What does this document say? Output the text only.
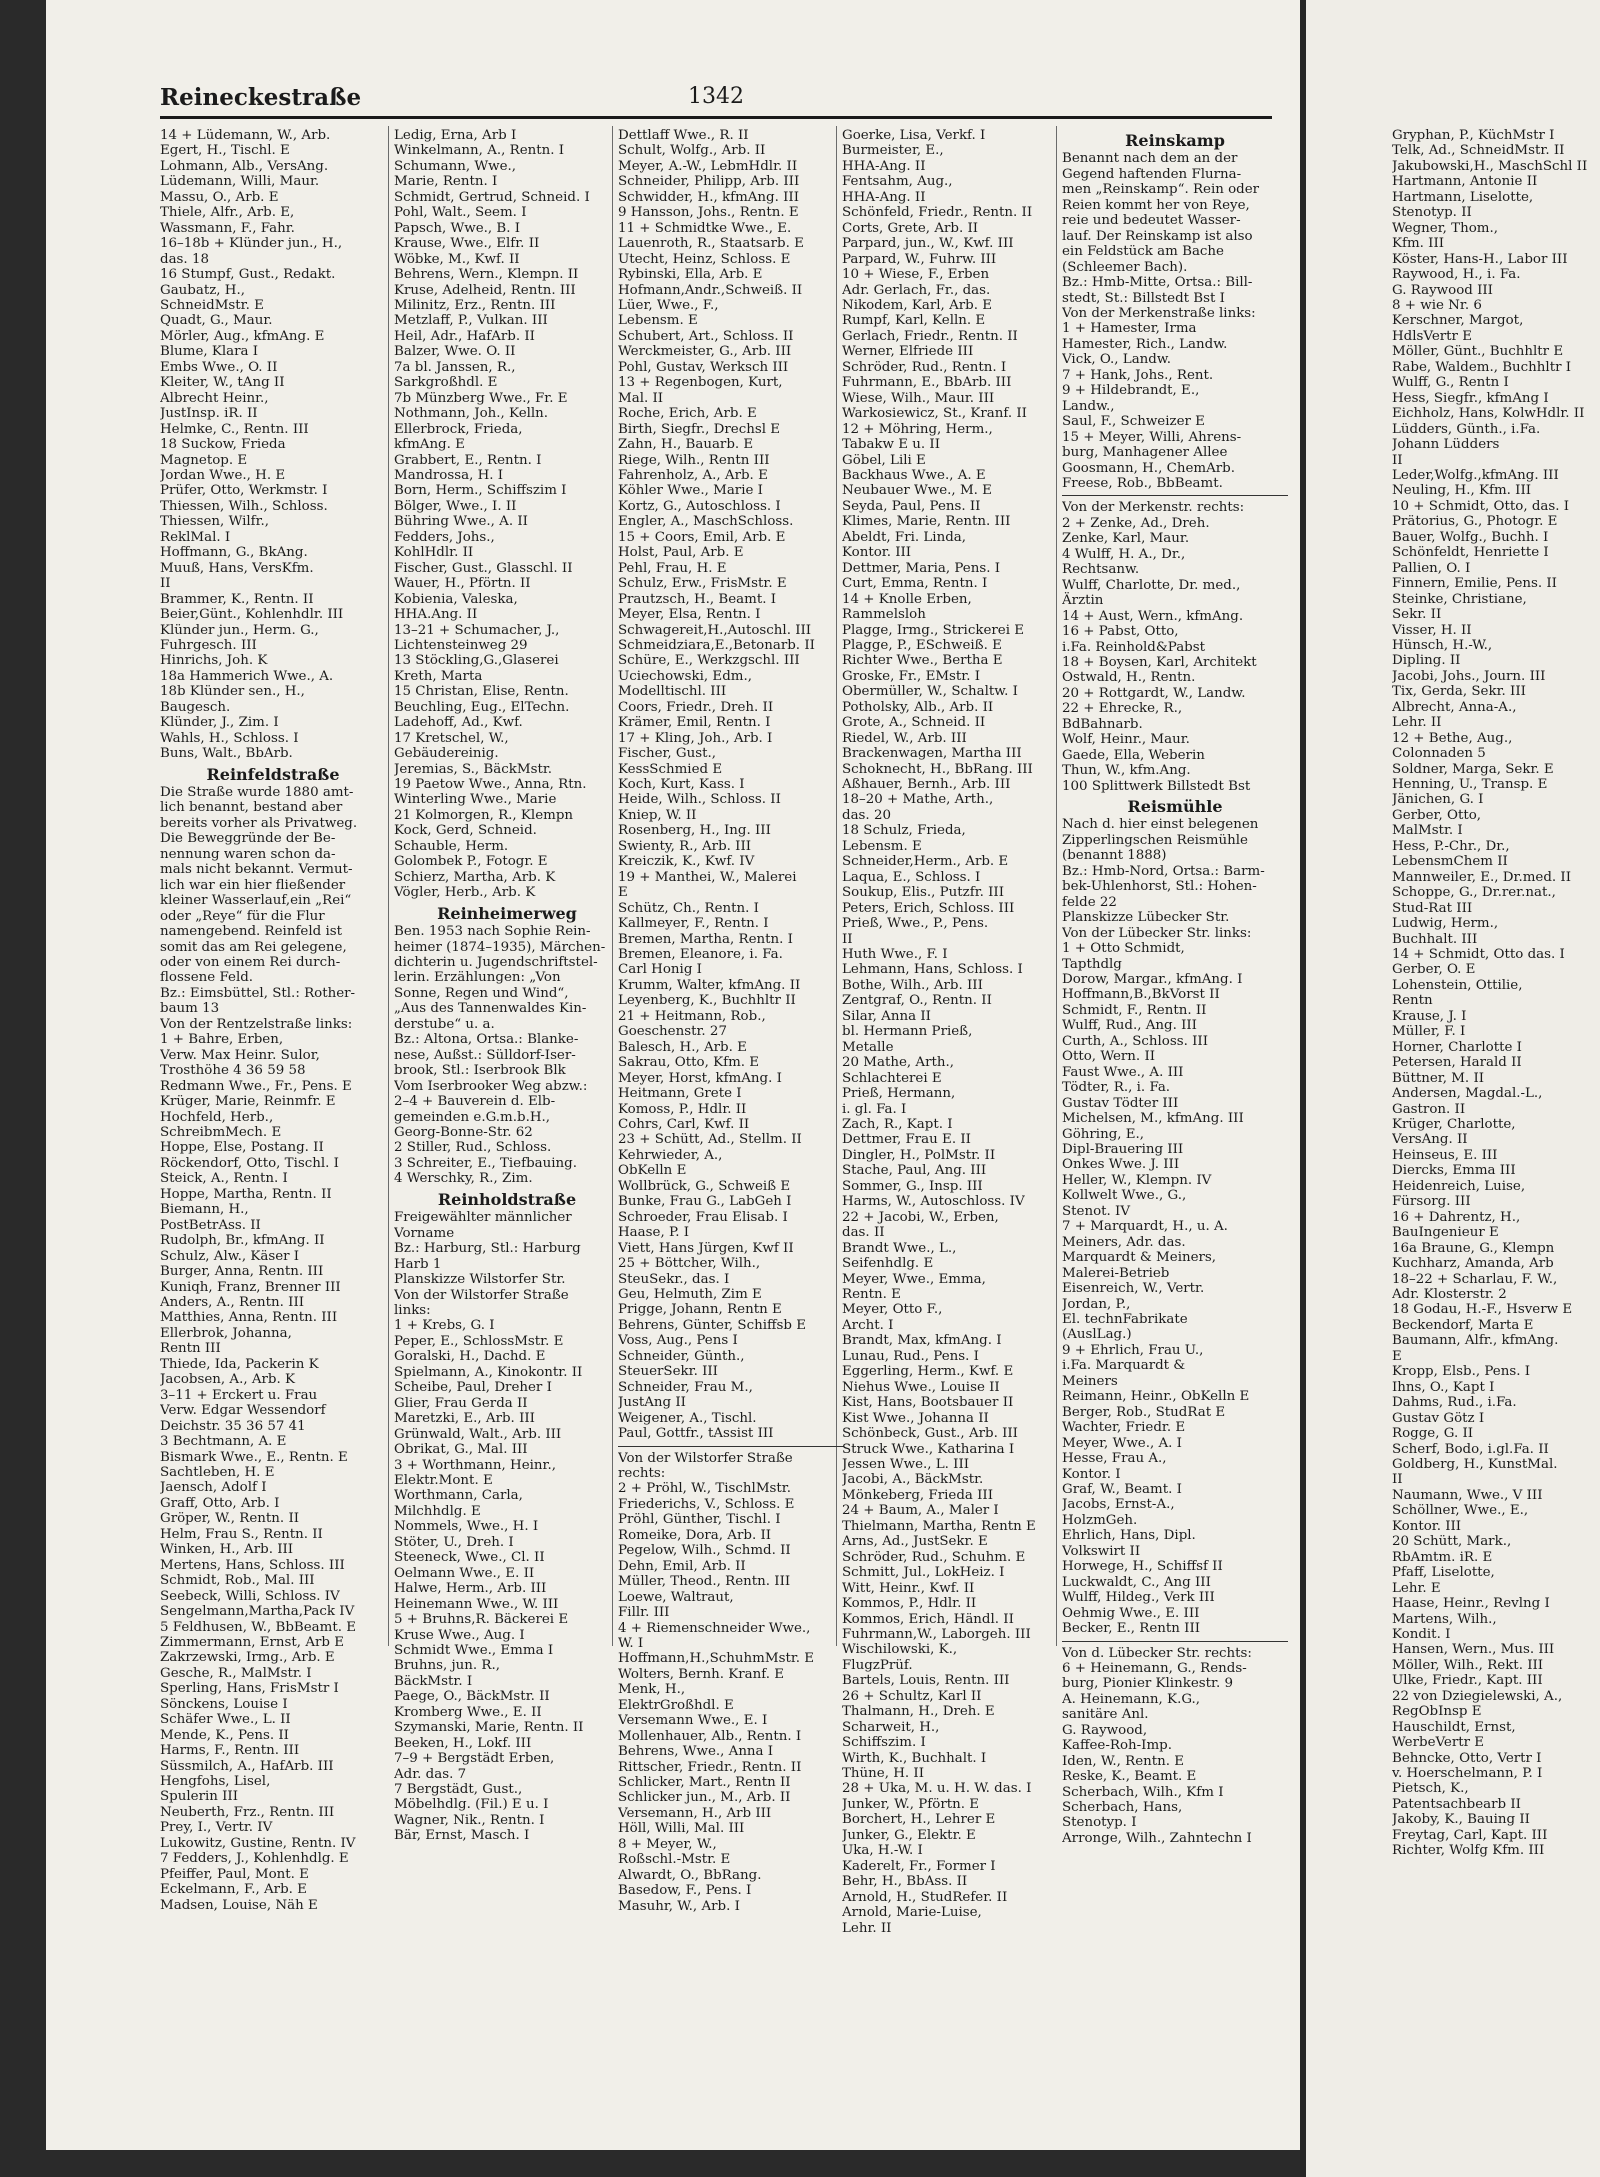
Reineckestraße	1342

14 + Lüdemann, W., Arb.

Egert, H., Tischl. E

Lohmann, Alb., VersAng.

Lüdemann, Willi, Maur.

Massu, O., Arb. E

Thiele, Alfr., Arb. E,

Wassmann, F., Fahr.

16–18b + Klünder jun., H.,

das. 18

16 Stumpf, Gust., Redakt.

Gaubatz, H.,

SchneidMstr. E

Quadt, G., Maur.

Mörler, Aug., kfmAng. E

Blume, Klara I

Embs Wwe., O. II

Kleiter, W., tAng II

Albrecht Heinr.,

JustInsp. iR. II

Helmke, C., Rentn. III

18 Suckow, Frieda

Magnetop. E

Jordan Wwe., H. E

Prüfer, Otto, Werkmstr. I

Thiessen, Wilh., Schloss.

Thiessen, Wilfr.,

ReklMal. I

Hoffmann, G., BkAng.

Muuß, Hans, VersKfm.

II

Brammer, K., Rentn. II

Beier,Günt., Kohlenhdlr. III

Klünder jun., Herm. G.,

Fuhrgesch. III

Hinrichs, Joh. K

18a Hammerich Wwe., A.

18b Klünder sen., H.,

Baugesch.

Klünder, J., Zim. I

Wahls, H., Schloss. I

Buns, Walt., BbArb.

Reinfeldstraße

Die Straße wurde 1880 amt-

lich benannt, bestand aber

bereits vorher als Privatweg.

Die Beweggründe der Be-

nennung waren schon da-

mals nicht bekannt. Vermut-

lich war ein hier fließender

kleiner Wasserlauf,ein „Rei“

oder „Reye“ für die Flur

namengebend. Reinfeld ist

somit das am Rei gelegene,

oder von einem Rei durch-

flossene Feld.

Bz.: Eimsbüttel, Stl.: Rother-

baum 13

Von der Rentzelstraße links:

1 + Bahre, Erben,

Verw. Max Heinr. Sulor,

Trosthöhe 4 36 59 58

Redmann Wwe., Fr., Pens. E

Krüger, Marie, Reinmfr. E

Hochfeld, Herb.,

SchreibmMech. E

Hoppe, Else, Postang. II

Röckendorf, Otto, Tischl. I

Steick, A., Rentn. I

Hoppe, Martha, Rentn. II

Biemann, H.,

PostBetrAss. II

Rudolph, Br., kfmAng. II

Schulz, Alw., Käser I

Burger, Anna, Rentn. III

Kuniqh, Franz, Brenner III

Anders, A., Rentn. III

Matthies, Anna, Rentn. III

Ellerbrok, Johanna,

Rentn III

Thiede, Ida, Packerin K

Jacobsen, A., Arb. K

3–11 + Erckert u. Frau

Verw. Edgar Wessendorf

Deichstr. 35 36 57 41

3 Bechtmann, A. E

Bismark Wwe., E., Rentn. E

Sachtleben, H. E

Jaensch, Adolf I

Graff, Otto, Arb. I

Gröper, W., Rentn. II

Helm, Frau S., Rentn. II

Winken, H., Arb. III

Mertens, Hans, Schloss. III

Schmidt, Rob., Mal. III

Seebeck, Willi, Schloss. IV

Sengelmann,Martha,Pack IV

5 Feldhusen, W., BbBeamt. E

Zimmermann, Ernst, Arb E

Zakrzewski, Irmg., Arb. E

Gesche, R., MalMstr. I

Sperling, Hans, FrisMstr I

Sönckens, Louise I

Schäfer Wwe., L. II

Mende, K., Pens. II

Harms, F., Rentn. III

Süssmilch, A., HafArb. III

Hengfohs, Lisel,

Spulerin III

Neuberth, Frz., Rentn. III

Prey, I., Vertr. IV

Lukowitz, Gustine, Rentn. IV

7 Fedders, J., Kohlenhdlg. E

Pfeiffer, Paul, Mont. E

Eckelmann, F., Arb. E

Madsen, Louise, Näh E

Ledig, Erna, Arb I

Winkelmann, A., Rentn. I

Schumann, Wwe.,

Marie, Rentn. I

Schmidt, Gertrud, Schneid. I

Pohl, Walt., Seem. I

Papsch, Wwe., B. I

Krause, Wwe., Elfr. II

Wöbke, M., Kwf. II

Behrens, Wern., Klempn. II

Kruse, Adelheid, Rentn. III

Milinitz, Erz., Rentn. III

Metzlaff, P., Vulkan. III

Heil, Adr., HafArb. II

Balzer, Wwe. O. II

7a bl. Janssen, R.,

Sarkgroßhdl. E

7b Münzberg Wwe., Fr. E

Nothmann, Joh., Kelln.

Ellerbrock, Frieda,

kfmAng. E

Grabbert, E., Rentn. I

Mandrossa, H. I

Born, Herm., Schiffszim I

Bölger, Wwe., I. II

Bühring Wwe., A. II

Fedders, Johs.,

KohlHdlr. II

Fischer, Gust., Glasschl. II

Wauer, H., Pförtn. II

Kobienia, Valeska,

HHA.Ang. II

13–21 + Schumacher, J.,

Lichtensteinweg 29

13 Stöckling,G.,Glaserei

Kreth, Marta

15 Christan, Elise, Rentn.

Beuchling, Eug., ElTechn.

Ladehoff, Ad., Kwf.

17 Kretschel, W.,

Gebäudereinig.

Jeremias, S., BäckMstr.

19 Paetow Wwe., Anna, Rtn.

Winterling Wwe., Marie

21 Kolmorgen, R., Klempn

Kock, Gerd, Schneid.

Schauble, Herm.

Golombek P., Fotogr. E

Schierz, Martha, Arb. K

Vögler, Herb., Arb. K

Reinheimerweg

Ben. 1953 nach Sophie Rein-

heimer (1874–1935), Märchen-

dichterin u. Jugendschriftstel-

lerin. Erzählungen: „Von

Sonne, Regen und Wind“,

„Aus des Tannenwaldes Kin-

derstube“ u. a.

Bz.: Altona, Ortsa.: Blanke-

nese, Außst.: Sülldorf-Iser-

brook, Stl.: Iserbrook Blk

Vom Iserbrooker Weg abzw.:

2–4 + Bauverein d. Elb-

gemeinden e.G.m.b.H.,

Georg-Bonne-Str. 62

2 Stiller, Rud., Schloss.

3 Schreiter, E., Tiefbauing.

4 Werschky, R., Zim.

Reinholdstraße

Freigewählter männlicher

Vorname

Bz.: Harburg, Stl.: Harburg

Harb 1

Planskizze Wilstorfer Str.

Von der Wilstorfer Straße

links:

1 + Krebs, G. I

Peper, E., SchlossMstr. E

Goralski, H., Dachd. E

Spielmann, A., Kinokontr. II

Scheibe, Paul, Dreher I

Glier, Frau Gerda II

Maretzki, E., Arb. III

Grünwald, Walt., Arb. III

Obrikat, G., Mal. III

3 + Worthmann, Heinr.,

Elektr.Mont. E

Worthmann, Carla,

Milchhdlg. E

Nommels, Wwe., H. I

Stöter, U., Dreh. I

Steeneck, Wwe., Cl. II

Oelmann Wwe., E. II

Halwe, Herm., Arb. III

Heinemann Wwe., W. III

5 + Bruhns,R. Bäckerei E

Kruse Wwe., Aug. I

Schmidt Wwe., Emma I

Bruhns, jun. R.,

BäckMstr. I

Paege, O., BäckMstr. II

Kromberg Wwe., E. II

Szymanski, Marie, Rentn. II

Beeken, H., Lokf. III

7–9 + Bergstädt Erben,

Adr. das. 7

7 Bergstädt, Gust.,

Möbelhdlg. (Fil.) E u. I

Wagner, Nik., Rentn. I

Bär, Ernst, Masch. I

Dettlaff Wwe., R. II

Schult, Wolfg., Arb. II

Meyer, A.-W., LebmHdlr. II

Schneider, Philipp, Arb. III

Schwidder, H., kfmAng. III

9 Hansson, Johs., Rentn. E

11 + Schmidtke Wwe., E.

Lauenroth, R., Staatsarb. E

Utecht, Heinz, Schloss. E

Rybinski, Ella, Arb. E

Hofmann,Andr.,Schweiß. II

Lüer, Wwe., F.,

Lebensm. E

Schubert, Art., Schloss. II

Werckmeister, G., Arb. III

Pohl, Gustav, Werksch III

13 + Regenbogen, Kurt,

Mal. II

Roche, Erich, Arb. E

Birth, Siegfr., Drechsl E

Zahn, H., Bauarb. E

Riege, Wilh., Rentn III

Fahrenholz, A., Arb. E

Köhler Wwe., Marie I

Kortz, G., Autoschloss. I

Engler, A., MaschSchloss.

15 + Coors, Emil, Arb. E

Holst, Paul, Arb. E

Pehl, Frau, H. E

Schulz, Erw., FrisMstr. E

Prautzsch, H., Beamt. I

Meyer, Elsa, Rentn. I

Schwagereit,H.,Autoschl. III

Schmeidziara,E.,Betonarb. II

Schüre, E., Werkzgschl. III

Uciechowski, Edm.,

Modelltischl. III

Coors, Friedr., Dreh. II

Krämer, Emil, Rentn. I

17 + Kling, Joh., Arb. I

Fischer, Gust.,

KessSchmied E

Koch, Kurt, Kass. I

Heide, Wilh., Schloss. II

Kniep, W. II

Rosenberg, H., Ing. III

Swienty, R., Arb. III

Kreiczik, K., Kwf. IV

19 + Manthei, W., Malerei

E

Schütz, Ch., Rentn. I

Kallmeyer, F., Rentn. I

Bremen, Martha, Rentn. I

Bremen, Eleanore, i. Fa.

Carl Honig I

Krumm, Walter, kfmAng. II

Leyenberg, K., Buchhltr II

21 + Heitmann, Rob.,

Goeschenstr. 27

Balesch, H., Arb. E

Sakrau, Otto, Kfm. E

Meyer, Horst, kfmAng. I

Heitmann, Grete I

Komoss, P., Hdlr. II

Cohrs, Carl, Kwf. II

23 + Schütt, Ad., Stellm. II

Kehrwieder, A.,

ObKelln E

Wollbrück, G., Schweiß E

Bunke, Frau G., LabGeh I

Schroeder, Frau Elisab. I

Haase, P. I

Viett, Hans Jürgen, Kwf II

25 + Böttcher, Wilh.,

SteuSekr., das. I

Geu, Helmuth, Zim E

Prigge, Johann, Rentn E

Behrens, Günter, Schiffsb E

Voss, Aug., Pens I

Schneider, Günth.,

SteuerSekr. III

Schneider, Frau M.,

JustAng II

Weigener, A., Tischl.

Paul, Gottfr., tAssist III

Von der Wilstorfer Straße

rechts:

2 + Pröhl, W., TischlMstr.

Friederichs, V., Schloss. E

Pröhl, Günther, Tischl. I

Romeike, Dora, Arb. II

Pegelow, Wilh., Schmd. II

Dehn, Emil, Arb. II

Müller, Theod., Rentn. III

Loewe, Waltraut,

Fillr. III

4 + Riemenschneider Wwe.,

W. I

Hoffmann,H.,SchuhmMstr. E

Wolters, Bernh. Kranf. E

Menk, H.,

ElektrGroßhdl. E

Versemann Wwe., E. I

Mollenhauer, Alb., Rentn. I

Behrens, Wwe., Anna I

Rittscher, Friedr., Rentn. II

Schlicker, Mart., Rentn II

Schlicker jun., M., Arb. II

Versemann, H., Arb III

Höll, Willi, Mal. III

8 + Meyer, W.,

Roßschl.-Mstr. E

Alwardt, O., BbRang.

Basedow, F., Pens. I

Masuhr, W., Arb. I

Goerke, Lisa, Verkf. I

Burmeister, E.,

HHA-Ang. II

Fentsahm, Aug.,

HHA-Ang. II

Schönfeld, Friedr., Rentn. II

Corts, Grete, Arb. II

Parpard, jun., W., Kwf. III

Parpard, W., Fuhrw. III

10 + Wiese, F., Erben

Adr. Gerlach, Fr., das.

Nikodem, Karl, Arb. E

Rumpf, Karl, Kelln. E

Gerlach, Friedr., Rentn. II

Werner, Elfriede III

Schröder, Rud., Rentn. I

Fuhrmann, E., BbArb. III

Wiese, Wilh., Maur. III

Warkosiewicz, St., Kranf. II

12 + Möhring, Herm.,

Tabakw E u. II

Göbel, Lili E

Backhaus Wwe., A. E

Neubauer Wwe., M. E

Seyda, Paul, Pens. II

Klimes, Marie, Rentn. III

Abeldt, Fri. Linda,

Kontor. III

Dettmer, Maria, Pens. I

Curt, Emma, Rentn. I

14 + Knolle Erben,

Rammelsloh

Plagge, Irmg., Strickerei E

Plagge, P., ESchweiß. E

Richter Wwe., Bertha E

Groske, Fr., EMstr. I

Obermüller, W., Schaltw. I

Potholsky, Alb., Arb. II

Grote, A., Schneid. II

Riedel, W., Arb. III

Brackenwagen, Martha III

Schoknecht, H., BbRang. III

Aßhauer, Bernh., Arb. III

18–20 + Mathe, Arth.,

das. 20

18 Schulz, Frieda,

Lebensm. E

Schneider,Herm., Arb. E

Laqua, E., Schloss. I

Soukup, Elis., Putzfr. III

Peters, Erich, Schloss. III

Prieß, Wwe., P., Pens.

II

Huth Wwe., F. I

Lehmann, Hans, Schloss. I

Bothe, Wilh., Arb. III

Zentgraf, O., Rentn. II

Silar, Anna II

bl. Hermann Prieß,

Metalle

20 Mathe, Arth.,

Schlachterei E

Prieß, Hermann,

i. gl. Fa. I

Zach, R., Kapt. I

Dettmer, Frau E. II

Dingler, H., PolMstr. II

Stache, Paul, Ang. III

Sommer, G., Insp. III

Harms, W., Autoschloss. IV

22 + Jacobi, W., Erben,

das. II

Brandt Wwe., L.,

Seifenhdlg. E

Meyer, Wwe., Emma,

Rentn. E

Meyer, Otto F.,

Archt. I

Brandt, Max, kfmAng. I

Lunau, Rud., Pens. I

Eggerling, Herm., Kwf. E

Niehus Wwe., Louise II

Kist, Hans, Bootsbauer II

Kist Wwe., Johanna II

Schönbeck, Gust., Arb. III

Struck Wwe., Katharina I

Jessen Wwe., L. III

Jacobi, A., BäckMstr.

Mönkeberg, Frieda III

24 + Baum, A., Maler I

Thielmann, Martha, Rentn E

Arns, Ad., JustSekr. E

Schröder, Rud., Schuhm. E

Schmitt, Jul., LokHeiz. I

Witt, Heinr., Kwf. II

Kommos, P., Hdlr. II

Kommos, Erich, Händl. II

Fuhrmann,W., Laborgeh. III

Wischilowski, K.,

FlugzPrüf.

Bartels, Louis, Rentn. III

26 + Schultz, Karl II

Thalmann, H., Dreh. E

Scharweit, H.,

Schiffszim. I

Wirth, K., Buchhalt. I

Thüne, H. II

28 + Uka, M. u. H. W. das. I

Junker, W., Pförtn. E

Borchert, H., Lehrer E

Junker, G., Elektr. E

Uka, H.-W. I

Kaderelt, Fr., Former I

Behr, H., BbAss. II

Arnold, H., StudRefer. II

Arnold, Marie-Luise,

Lehr. II

Reinskamp

Benannt nach dem an der

Gegend haftenden Flurna-

men „Reinskamp“. Rein oder

Reien kommt her von Reye,

reie und bedeutet Wasser-

lauf. Der Reinskamp ist also

ein Feldstück am Bache

(Schleemer Bach).

Bz.: Hmb-Mitte, Ortsa.: Bill-

stedt, St.: Billstedt Bst I

Von der Merkenstraße links:

1 + Hamester, Irma

Hamester, Rich., Landw.

Vick, O., Landw.

7 + Hank, Johs., Rent.

9 + Hildebrandt, E.,

Landw.,

Saul, F., Schweizer E

15 + Meyer, Willi, Ahrens-

burg, Manhagener Allee

Goosmann, H., ChemArb.

Freese, Rob., BbBeamt.

Von der Merkenstr. rechts:

2 + Zenke, Ad., Dreh.

Zenke, Karl, Maur.

4 Wulff, H. A., Dr.,

Rechtsanw.

Wulff, Charlotte, Dr. med.,

Ärztin

14 + Aust, Wern., kfmAng.

16 + Pabst, Otto,

i.Fa. Reinhold&Pabst

18 + Boysen, Karl, Architekt

Ostwald, H., Rentn.

20 + Rottgardt, W., Landw.

22 + Ehrecke, R.,

BdBahnarb.

Wolf, Heinr., Maur.

Gaede, Ella, Weberin

Thun, W., kfm.Ang.

100 Splittwerk Billstedt Bst

Reismühle

Nach d. hier einst belegenen

Zipperlingschen Reismühle

(benannt 1888)

Bz.: Hmb-Nord, Ortsa.: Barm-

bek-Uhlenhorst, Stl.: Hohen-

felde 22

Planskizze Lübecker Str.

Von der Lübecker Str. links:

1 + Otto Schmidt,

Tapthdlg

Dorow, Margar., kfmAng. I

Hoffmann,B.,BkVorst II

Schmidt, F., Rentn. II

Wulff, Rud., Ang. III

Curth, A., Schloss. III

Otto, Wern. II

Faust Wwe., A. III

Tödter, R., i. Fa.

Gustav Tödter III

Michelsen, M., kfmAng. III

Göhring, E.,

Dipl-Brauering III

Onkes Wwe. J. III

Heller, W., Klempn. IV

Kollwelt Wwe., G.,

Stenot. IV

7 + Marquardt, H., u. A.

Meiners, Adr. das.

Marquardt & Meiners,

Malerei-Betrieb

Eisenreich, W., Vertr.

Jordan, P.,

El. technFabrikate

(AuslLag.)

9 + Ehrlich, Frau U.,

i.Fa. Marquardt &

Meiners

Reimann, Heinr., ObKelln E

Berger, Rob., StudRat E

Wachter, Friedr. E

Meyer, Wwe., A. I

Hesse, Frau A.,

Kontor. I

Graf, W., Beamt. I

Jacobs, Ernst-A.,

HolzmGeh.

Ehrlich, Hans, Dipl.

Volkswirt II

Horwege, H., Schiffsf II

Luckwaldt, C., Ang III

Wulff, Hildeg., Verk III

Oehmig Wwe., E. III

Becker, E., Rentn III

Von d. Lübecker Str. rechts:

6 + Heinemann, G., Rends-

burg, Pionier Klinkestr. 9

A. Heinemann, K.G.,

sanitäre Anl.

G. Raywood,

Kaffee-Roh-Imp.

Iden, W., Rentn. E

Reske, K., Beamt. E

Scherbach, Wilh., Kfm I

Scherbach, Hans,

Stenotyp. I

Arronge, Wilh., Zahntechn I

Gryphan, P., KüchMstr I

Telk, Ad., SchneidMstr. II

Jakubowski,H., MaschSchl II

Hartmann, Antonie II

Hartmann, Liselotte,

Stenotyp. II

Wegner, Thom.,

Kfm. III

Köster, Hans-H., Labor III

Raywood, H., i. Fa.

G. Raywood III

8 + wie Nr. 6

Kerschner, Margot,

HdlsVertr E

Möller, Günt., Buchhltr E

Rabe, Waldem., Buchhltr I

Wulff, G., Rentn I

Hess, Siegfr., kfmAng I

Eichholz, Hans, KolwHdlr. II

Lüdders, Günth., i.Fa.

Johann Lüdders

II

Leder,Wolfg.,kfmAng. III

Neuling, H., Kfm. III

10 + Schmidt, Otto, das. I

Prätorius, G., Photogr. E

Bauer, Wolfg., Buchh. I

Schönfeldt, Henriette I

Pallien, O. I

Finnern, Emilie, Pens. II

Steinke, Christiane,

Sekr. II

Visser, H. II

Hünsch, H.-W.,

Dipling. II

Jacobi, Johs., Journ. III

Tix, Gerda, Sekr. III

Albrecht, Anna-A.,

Lehr. II

12 + Bethe, Aug.,

Colonnaden 5

Soldner, Marga, Sekr. E

Henning, U., Transp. E

Jänichen, G. I

Gerber, Otto,

MalMstr. I

Hess, P.-Chr., Dr.,

LebensmChem II

Mannweiler, E., Dr.med. II

Schoppe, G., Dr.rer.nat.,

Stud-Rat III

Ludwig, Herm.,

Buchhalt. III

14 + Schmidt, Otto das. I

Gerber, O. E

Lohenstein, Ottilie,

Rentn

Krause, J. I

Müller, F. I

Horner, Charlotte I

Petersen, Harald II

Büttner, M. II

Andersen, Magdal.-L.,

Gastron. II

Krüger, Charlotte,

VersAng. II

Heinseus, E. III

Diercks, Emma III

Heidenreich, Luise,

Fürsorg. III

16 + Dahrentz, H.,

BauIngenieur E

16a Braune, G., Klempn

Kuchharz, Amanda, Arb

18–22 + Scharlau, F. W.,

Adr. Klosterstr. 2

18 Godau, H.-F., Hsverw E

Beckendorf, Marta E

Baumann, Alfr., kfmAng.

E

Kropp, Elsb., Pens. I

Ihns, O., Kapt I

Dahms, Rud., i.Fa.

Gustav Götz I

Rogge, G. II

Scherf, Bodo, i.gl.Fa. II

Goldberg, H., KunstMal.

II

Naumann, Wwe., V III

Schöllner, Wwe., E.,

Kontor. III

20 Schütt, Mark.,

RbAmtm. iR. E

Pfaff, Liselotte,

Lehr. E

Haase, Heinr., Revlng I

Martens, Wilh.,

Kondit. I

Hansen, Wern., Mus. III

Möller, Wilh., Rekt. III

Ulke, Friedr., Kapt. III

22 von Dziegielewski, A.,

RegObInsp E

Hauschildt, Ernst,

WerbeVertr E

Behncke, Otto, Vertr I

v. Hoerschelmann, P. I

Pietsch, K.,

Patentsachbearb II

Jakoby, K., Bauing II

Freytag, Carl, Kapt. III

Richter, Wolfg Kfm. III
